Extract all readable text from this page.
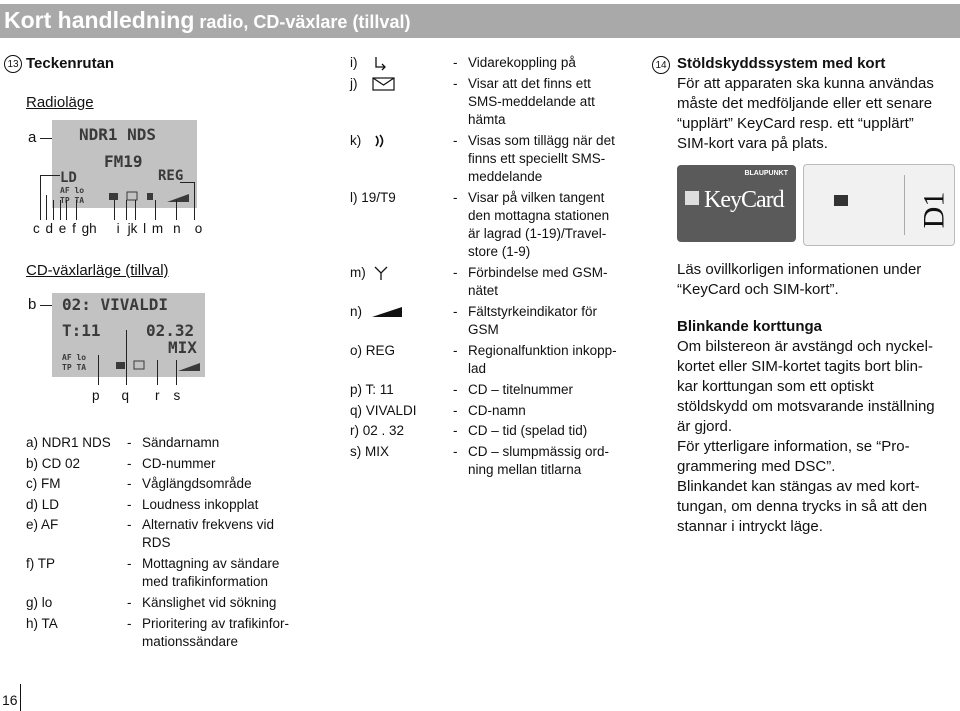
Kort handledning radio, CD-växlare (tillval)
13 Teckenrutan
Radioläge
a	NDR1 NDS
FM19
LD	REG
AF lo
TP TA
c d e f gh i jk l m n o
CD-växlarläge (tillval)
b 02: VIVALDI
T:11	02.32
MIX
AF lo
TP TA
p q r s
a) NDR1 NDS - Sändarnamn
b) CD 02	- CD-nummer
c) FM	- Våglängdsområde
d) LD	- Loudness inkopplat
e) AF	- Alternativ frekvens vid
RDS
f) TP	- Mottagning av sändare
med trafikinformation
g) lo	- Känslighet vid sökning
h) TA	- Prioritering av trafikinfor-
mationssändare
i)	- Vidarekoppling på
j)	- Visar att det finns ett
SMS-meddelande att
hämta
k)	- Visas som tillägg när det
finns ett speciellt SMS-
meddelande
l) 19/T9	- Visar på vilken tangent
den mottagna stationen
är lagrad (1-19)/Travel-
store (1-9)
m)	- Förbindelse med GSM-
nätet
n)	- Fältstyrkeindikator för
GSM
o) REG	- Regionalfunktion inkopp-
lad
p) T: 11	- CD – titelnummer
q) VIVALDI	- CD-namn
r) 02 . 32	- CD – tid (spelad tid)
s) MIX	- CD – slumpmässig ord-
ning mellan titlarna
14 Stöldskyddssystem med kort
För att apparaten ska kunna användas
måste det medföljande eller ett senare
“upplärt” KeyCard resp. ett “upplärt”
SIM-kort vara på plats.
BLAUPUNKT
KeyCard	D1
Läs ovillkorligen informationen under
“KeyCard och SIM-kort”.
Blinkande korttunga
Om bilstereon är avstängd och nyckel-
kortet eller SIM-kortet tagits bort blin-
kar korttungan som ett optiskt
stöldskydd om motsvarande inställning
är gjord.
För ytterligare information, se “Pro-
grammering med DSC”.
Blinkandet kan stängas av med kort-
tungan, om denna trycks in så att den
stannar i intryckt läge.
16
